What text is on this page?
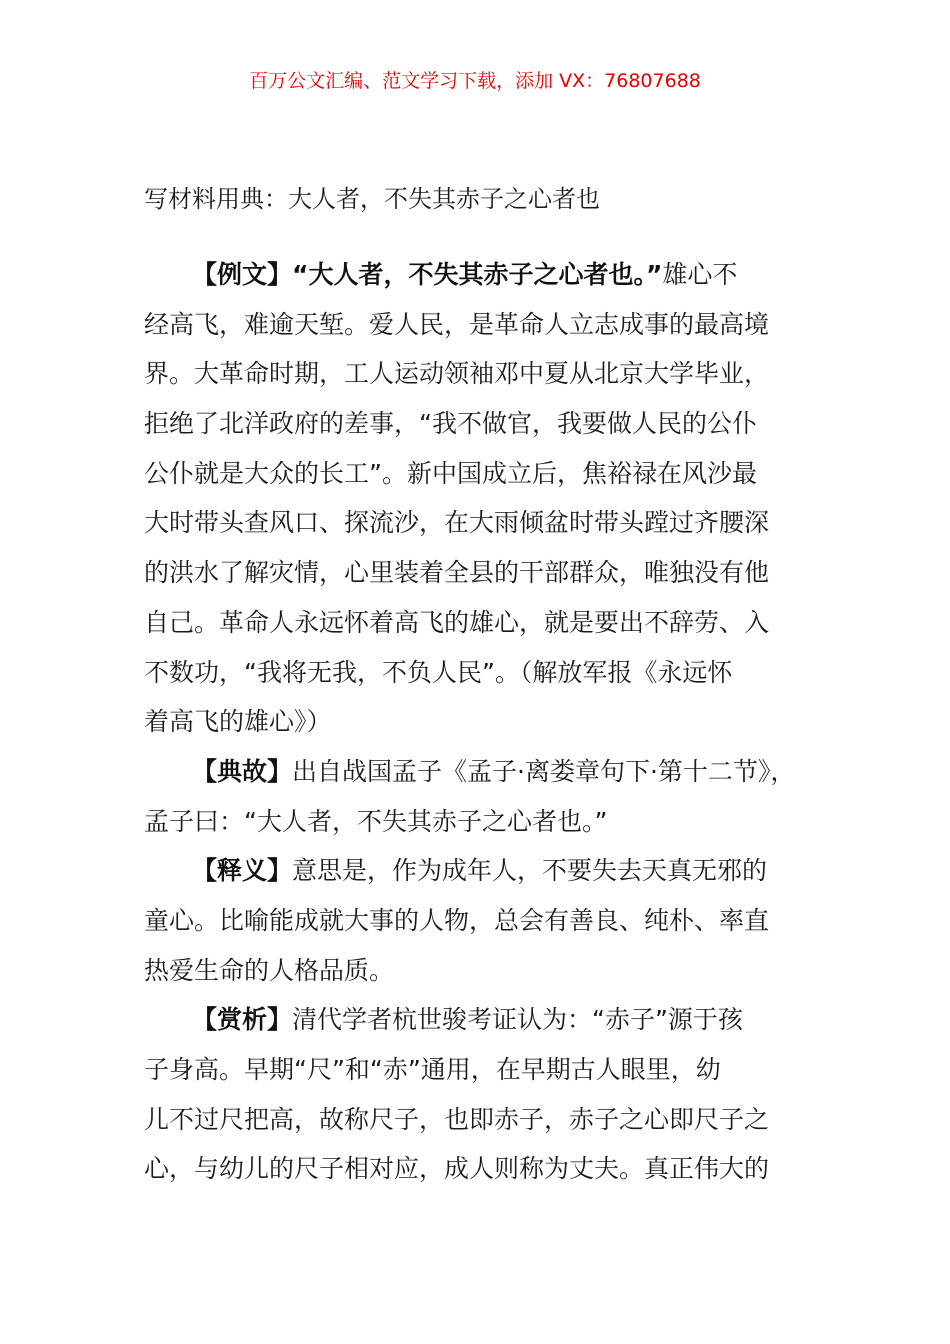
百万公文汇编、范文学习下载，添加 VX：76807688
写材料用典：大人者，不失其赤子之心者也
【例文】“大人者，不失其赤子之心者也。”雄心不
经高飞，难逾天堑。爱人民，是革命人立志成事的最高境
界。大革命时期，工人运动领袖邓中夏从北京大学毕业，
拒绝了北洋政府的差事，“我不做官，我要做人民的公仆
公仆就是大众的长工”。新中国成立后，焦裕禄在风沙最
大时带头查风口、探流沙，在大雨倾盆时带头蹚过齐腰深
的洪水了解灾情，心里装着全县的干部群众，唯独没有他
自己。革命人永远怀着高飞的雄心，就是要出不辞劳、入
不数功，“我将无我，不负人民”。（解放军报《永远怀
着高飞的雄心》）
【典故】出自战国孟子《孟子·离娄章句下·第十二节》，
孟子曰：“大人者，不失其赤子之心者也。”
【释义】意思是，作为成年人，不要失去天真无邪的
童心。比喻能成就大事的人物，总会有善良、纯朴、率直
热爱生命的人格品质。
【赏析】清代学者杭世骏考证认为：“赤子”源于孩
子身高。早期“尺”和“赤”通用，在早期古人眼里，幼
儿不过尺把高，故称尺子，也即赤子，赤子之心即尺子之
心，与幼儿的尺子相对应，成人则称为丈夫。真正伟大的
